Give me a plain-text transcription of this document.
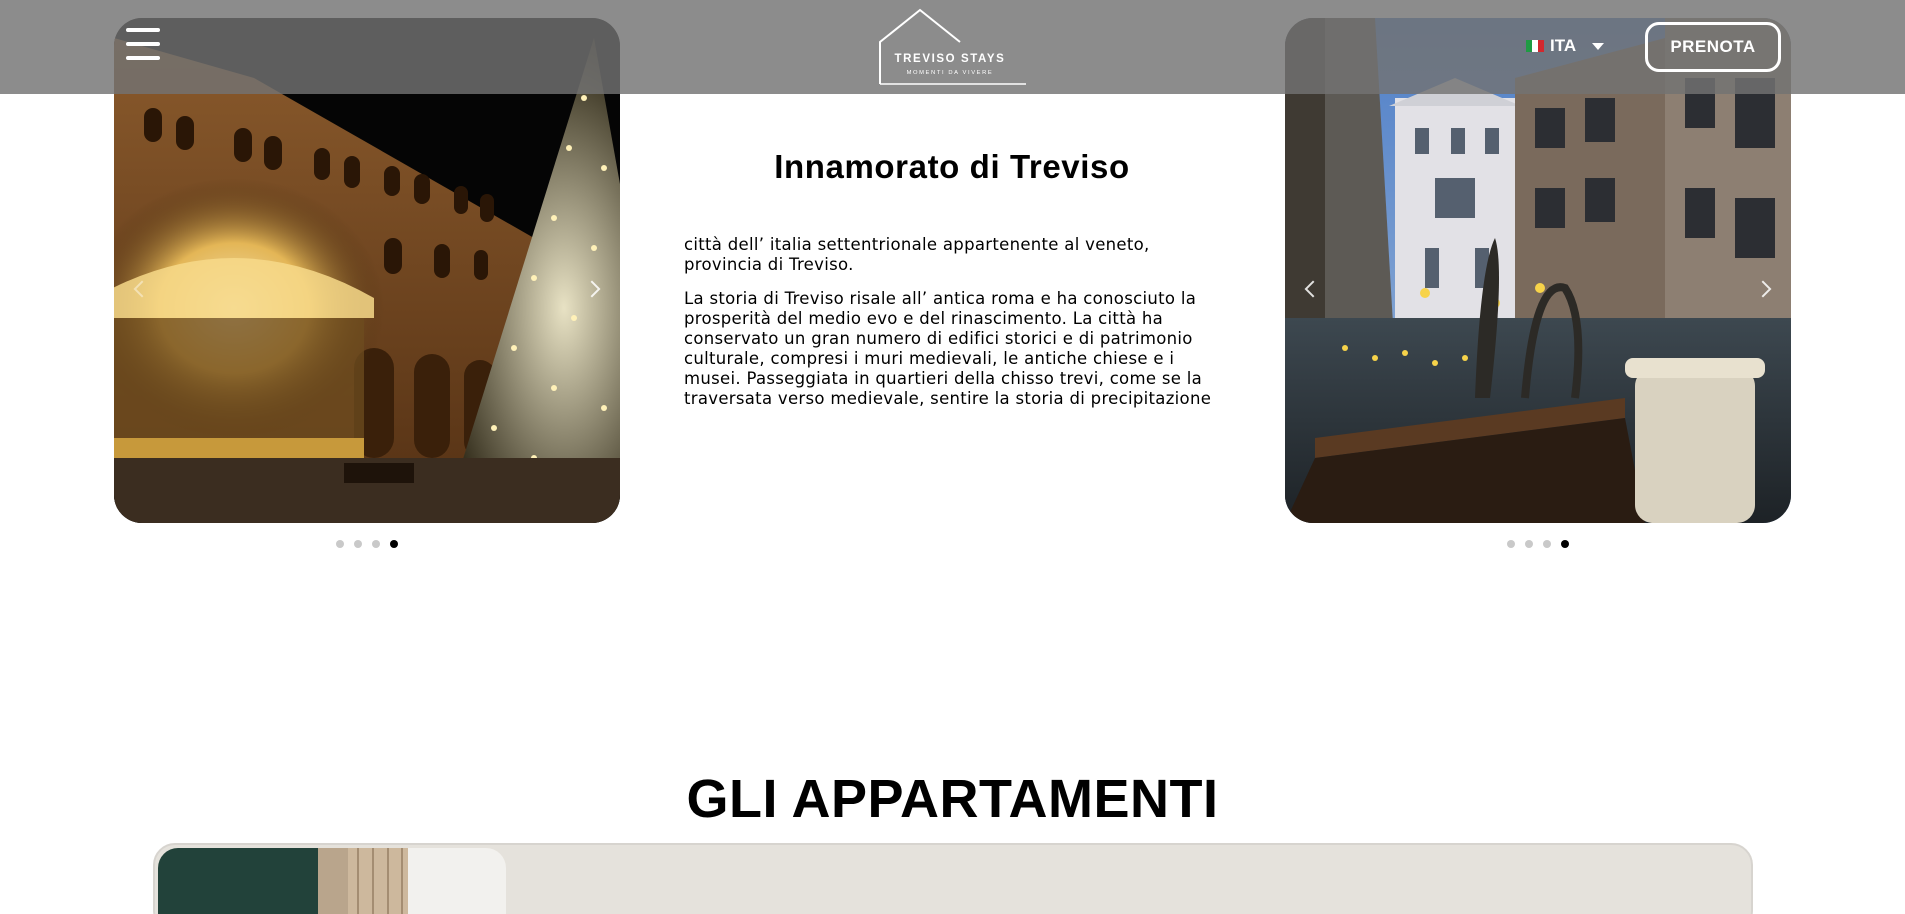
TREVISO STAYS
MOMENTI DA VIVERE
ITA	PRENOTA
Innamorato di Treviso

città dell’ italia settentrionale appartenente al veneto, provincia di Treviso.

La storia di Treviso risale all’ antica roma e ha conosciuto la prosperità del medio evo e del rinascimento. La città ha conservato un gran numero di edifici storici e di patrimonio culturale, compresi i muri medievali, le antiche chiese e i musei. Passeggiata in quartieri della chisso trevi, come se la traversata verso medievale, sentire la storia di precipitazione

GLI APPARTAMENTI
